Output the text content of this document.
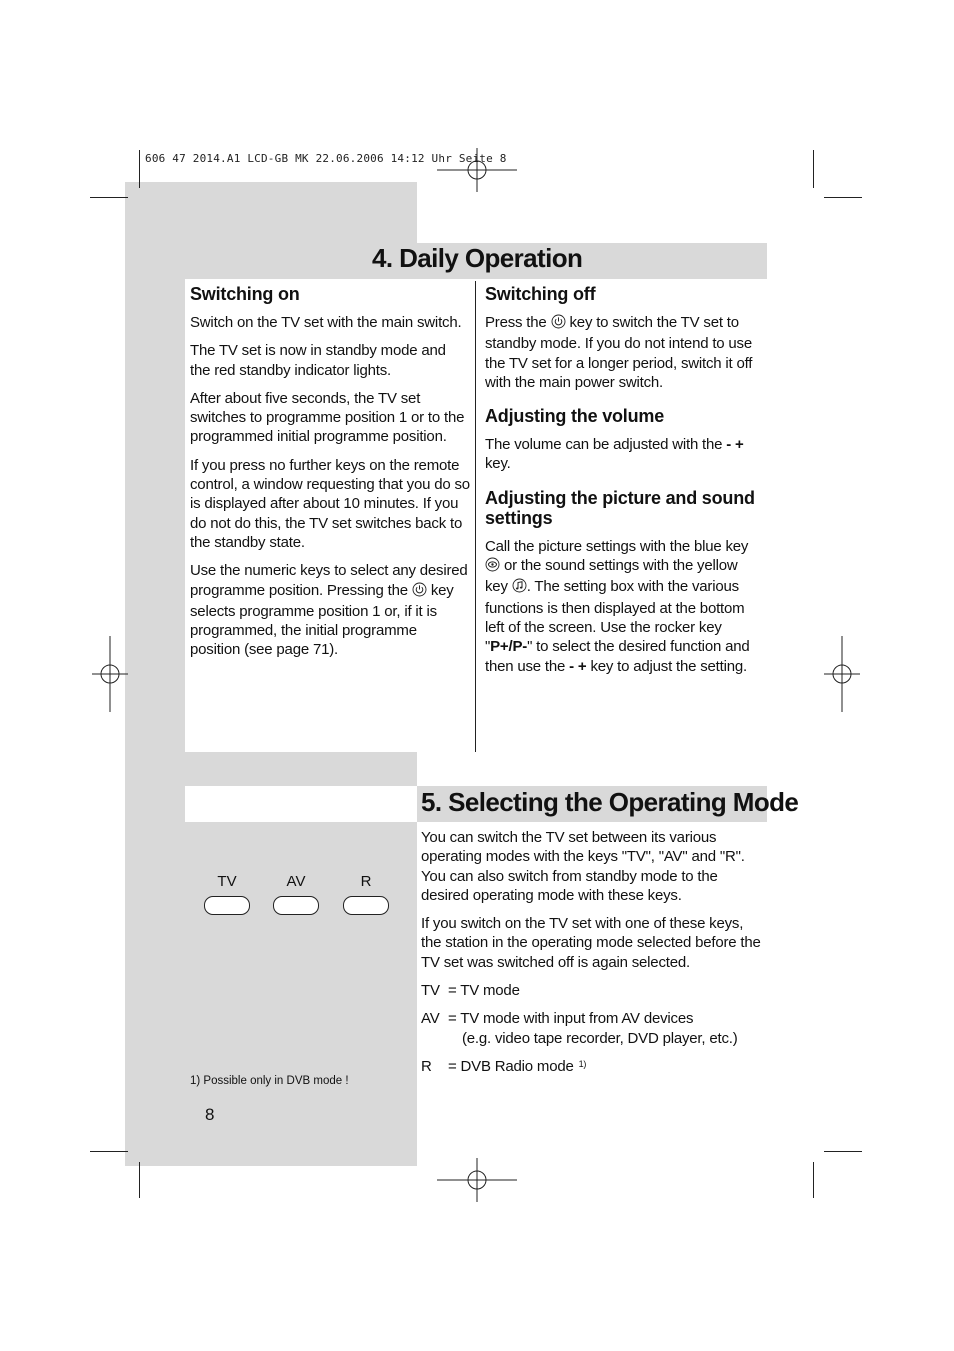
606 47 2014.A1 LCD-GB MK 22.06.2006 14:12 Uhr Seite 8
4. Daily Operation
Switching on

Switch on the TV set with the main switch.

The TV set is now in standby mode and the red standby indicator lights.

After about five seconds, the TV set switches to programme position 1 or to the programmed initial programme position.

If you press no further keys on the remote control, a window requesting that you do so is displayed after about 10 minutes. If you do not do this, the TV set switches back to the standby state.

Use the numeric keys to select any desired programme position. Pressing the key selects programme position 1 or, if it is programmed, the initial programme position (see page 71).

Switching off

Press the key to switch the TV set to standby mode. If you do not intend to use the TV set for a longer period, switch it off with the main power switch.

Adjusting the volume

The volume can be adjusted with the - + key.

Adjusting the picture and sound settings

Call the picture settings with the blue key  or the sound settings with the yellow key . The setting box with the various functions is then displayed at the bottom left of the screen. Use the rocker key "P+/P-" to select the desired function and then use the - + key to adjust the setting.

5. Selecting the Operating Mode
TV	AV	R

You can switch the TV set between its various operating modes with the keys "TV", "AV" and "R". You can also switch from standby mode to the desired operating mode with these keys.

If you switch on the TV set with one of these keys, the station in the operating mode selected before the TV set was switched off is again selected.

TV = TV mode
AV = TV mode with input from AV devices
(e.g. video tape recorder, DVD player, etc.)
R	= DVB Radio mode $^{1)}$
1) Possible only in DVB mode !
8
